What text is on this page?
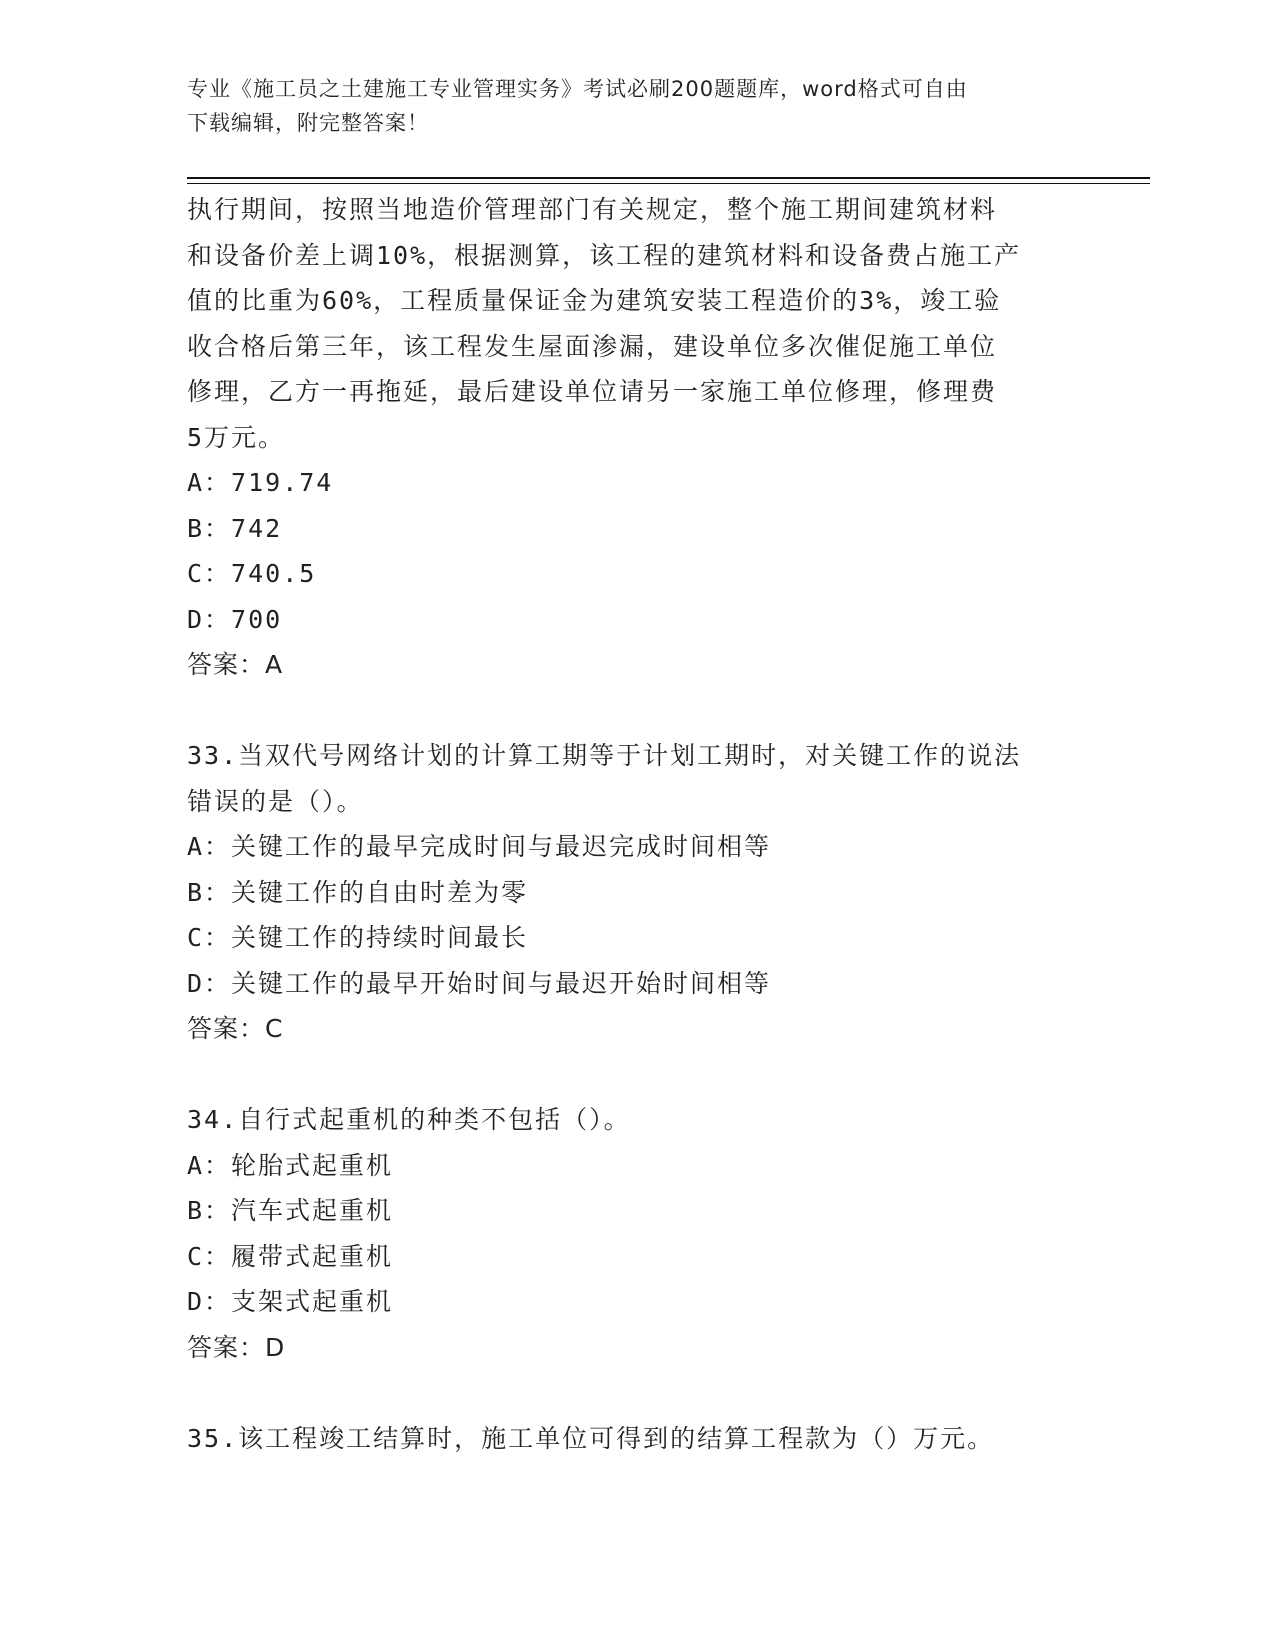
专业《施工员之土建施工专业管理实务》考试必刷200题题库，word格式可自由
下载编辑，附完整答案！
执行期间，按照当地造价管理部门有关规定，整个施工期间建筑材料
和设备价差上调10%，根据测算，该工程的建筑材料和设备费占施工产
值的比重为60%，工程质量保证金为建筑安装工程造价的3%，竣工验
收合格后第三年，该工程发生屋面渗漏，建设单位多次催促施工单位
修理，乙方一再拖延，最后建设单位请另一家施工单位修理，修理费
5万元。
A：719.74
B：742
C：740.5
D：700
答案：A
33.当双代号网络计划的计算工期等于计划工期时，对关键工作的说法
错误的是（）。
A：关键工作的最早完成时间与最迟完成时间相等
B：关键工作的自由时差为零
C：关键工作的持续时间最长
D：关键工作的最早开始时间与最迟开始时间相等
答案：C
34.自行式起重机的种类不包括（）。
A：轮胎式起重机
B：汽车式起重机
C：履带式起重机
D：支架式起重机
答案：D
35.该工程竣工结算时，施工单位可得到的结算工程款为（）万元。
